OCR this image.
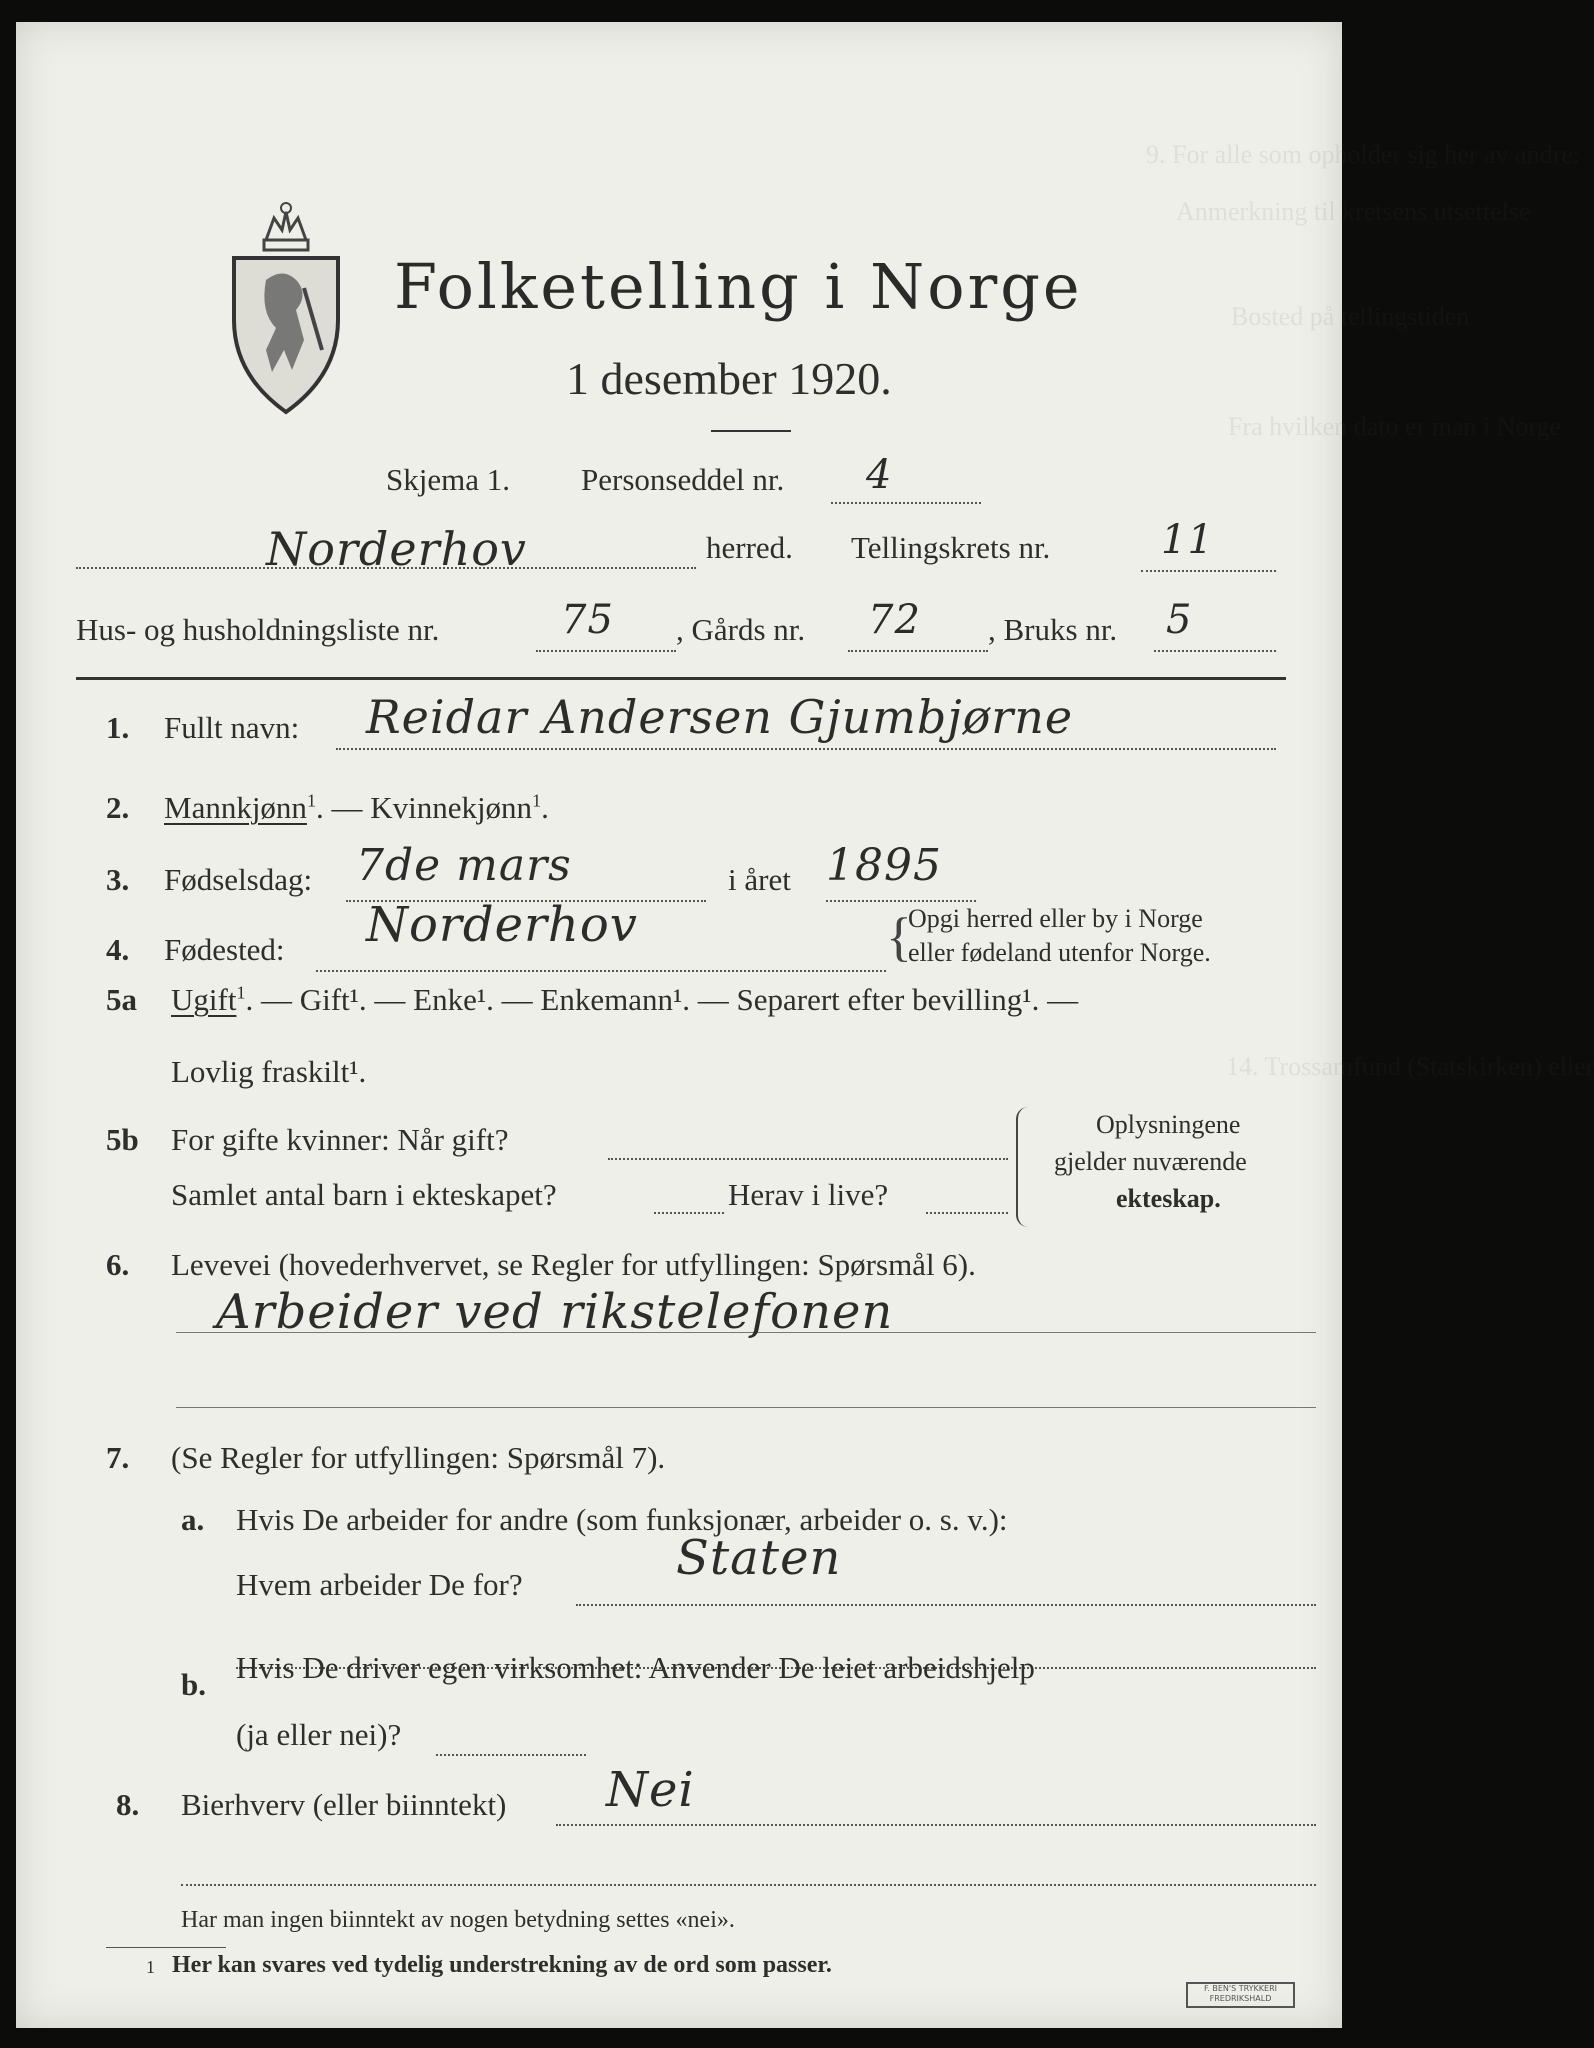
9. For alle som opholder sig her av andre:
Anmerkning til kretsens utsettelse
Bosted på tellingstiden
Fra hvilken dato er man i Norge
14. Trossamfund (Statskirken) eller
Folketelling i Norge
1 desember 1920.
Skjema 1. Personseddel nr. 4
Norderhov	herred. Tellingskrets nr.	11
Hus- og husholdningsliste nr.	75 , Gårds nr. 72 , Bruks nr. 5
1. Fullt navn: Reidar Andersen Gjumbjørne
2. Mannkjønn$^1$. — Kvinnekjønn$^1$.
3. Fødselsdag: 7de mars	i året 1895
4. Fødested: Norderhov	{
Opgi herred eller by i Norge
eller fødeland utenfor Norge.
5a Ugift$^1$. — Gift¹. — Enke¹. — Enkemann¹. — Separert efter bevilling¹. —
Lovlig fraskilt¹.
5b For gifte kvinner: Når gift?
Samlet antal barn i ekteskapet?	Herav i live?
Oplysningene
gjelder nuværende
ekteskap.
6. Levevei (hovederhvervet, se Regler for utfyllingen: Spørsmål 6).
Arbeider ved rikstelefonen
7. (Se Regler for utfyllingen: Spørsmål 7).
a. Hvis De arbeider for andre (som funksjonær, arbeider o. s. v.):
Hvem arbeider De for?	Staten
b. Hvis De driver egen virksomhet: Anvender De leiet arbeidshjelp
(ja eller nei)?
8. Bierhverv (eller biinntekt) Nei
Har man ingen biinntekt av nogen betydning settes «nei».
1 Her kan svares ved tydelig understrekning av de ord som passer.
F. BEN'S TRYKKERI FREDRIKSHALD
